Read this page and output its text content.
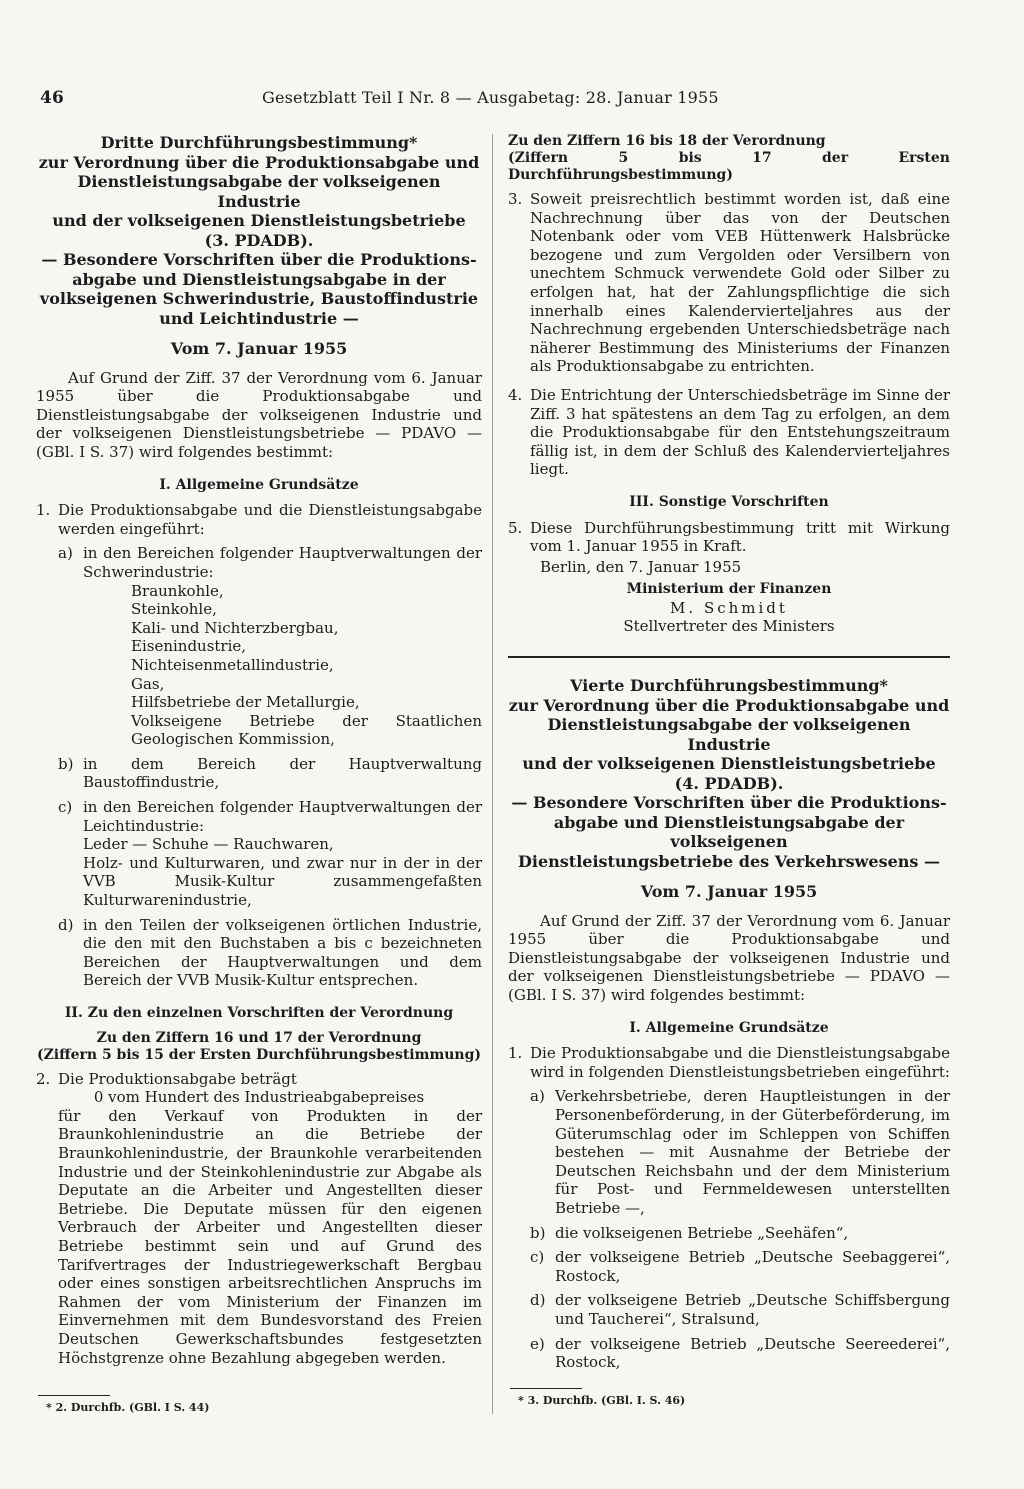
46	Gesetzblatt Teil I Nr. 8 — Ausgabetag: 28. Januar 1955

Dritte Durchführungsbestimmung*

zur Verordnung über die Produktionsabgabe und

Dienstleistungsabgabe der volkseigenen Industrie

und der volkseigenen Dienstleistungsbetriebe

(3. PDADB).

— Besondere Vorschriften über die Produktions-

abgabe und Dienstleistungsabgabe in der

volkseigenen Schwerindustrie, Baustoffindustrie

und Leichtindustrie —

Vom 7. Januar 1955

Auf Grund der Ziff. 37 der Verordnung vom 6. Januar 1955 über die Produktionsabgabe und Dienstleistungsabgabe der volkseigenen Industrie und der volkseigenen Dienstleistungsbetriebe — PDAVO — (GBl. I S. 37) wird folgendes bestimmt:

I. Allgemeine Grundsätze

1. Die Produktionsabgabe und die Dienstleistungsabgabe werden eingeführt:
a) in den Bereichen folgender Hauptverwaltungen der Schwerindustrie:
Braunkohle,
Steinkohle,
Kali- und Nichterzbergbau,
Eisenindustrie,
Nichteisenmetallindustrie,
Gas,
Hilfsbetriebe der Metallurgie,
Volkseigene Betriebe der Staatlichen Geologischen Kommission,
b) in dem Bereich der Hauptverwaltung Baustoffindustrie,
c) in den Bereichen folgender Hauptverwaltungen der Leichtindustrie:
Leder — Schuhe — Rauchwaren,
Holz- und Kulturwaren, und zwar nur in der in der VVB Musik-Kultur zusammengefaßten Kulturwarenindustrie,
d) in den Teilen der volkseigenen örtlichen Industrie, die den mit den Buchstaben a bis c bezeichneten Bereichen der Hauptverwaltungen und dem Bereich der VVB Musik-Kultur entsprechen.

II. Zu den einzelnen Vorschriften der Verordnung

Zu den Ziffern 16 und 17 der Verordnung

(Ziffern 5 bis 15 der Ersten Durchführungsbestimmung)

2. Die Produktionsabgabe beträgt

0 vom Hundert des Industrieabgabepreises

für den Verkauf von Produkten in der Braunkohlenindustrie an die Betriebe der Braunkohlenindustrie, der Braunkohle verarbeitenden Industrie und der Steinkohlenindustrie zur Abgabe als Deputate an die Arbeiter und Angestellten dieser Betriebe. Die Deputate müssen für den eigenen Verbrauch der Arbeiter und Angestellten dieser Betriebe bestimmt sein und auf Grund des Tarifvertrages der Industriegewerkschaft Bergbau oder eines sonstigen arbeitsrechtlichen Anspruchs im Rahmen der vom Ministerium der Finanzen im Einvernehmen mit dem Bundesvorstand des Freien Deutschen Gewerkschaftsbundes festgesetzten Höchstgrenze ohne Bezahlung abgegeben werden.

Zu den Ziffern 16 bis 18 der Verordnung

(Ziffern 5 bis 17 der Ersten Durchführungsbestimmung)

3. Soweit preisrechtlich bestimmt worden ist, daß eine Nachrechnung über das von der Deutschen Notenbank oder vom VEB Hüttenwerk Halsbrücke bezogene und zum Vergolden oder Versilbern von unechtem Schmuck verwendete Gold oder Silber zu erfolgen hat, hat der Zahlungspflichtige die sich innerhalb eines Kalendervierteljahres aus der Nachrechnung ergebenden Unterschiedsbeträge nach näherer Bestimmung des Ministeriums der Finanzen als Produktionsabgabe zu entrichten.
4. Die Entrichtung der Unterschiedsbeträge im Sinne der Ziff. 3 hat spätestens an dem Tag zu erfolgen, an dem die Produktionsabgabe für den Entstehungszeitraum fällig ist, in dem der Schluß des Kalendervierteljahres liegt.

III. Sonstige Vorschriften

5. Diese Durchführungsbestimmung tritt mit Wirkung vom 1. Januar 1955 in Kraft.

Berlin, den 7. Januar 1955

Ministerium der Finanzen

M. Schmidt

Stellvertreter des Ministers

Vierte Durchführungsbestimmung*

zur Verordnung über die Produktionsabgabe und

Dienstleistungsabgabe der volkseigenen Industrie

und der volkseigenen Dienstleistungsbetriebe

(4. PDADB).

— Besondere Vorschriften über die Produktions-

abgabe und Dienstleistungsabgabe der volkseigenen

Dienstleistungsbetriebe des Verkehrswesens —

Vom 7. Januar 1955

Auf Grund der Ziff. 37 der Verordnung vom 6. Januar 1955 über die Produktionsabgabe und Dienstleistungsabgabe der volkseigenen Industrie und der volkseigenen Dienstleistungsbetriebe — PDAVO — (GBl. I S. 37) wird folgendes bestimmt:

I. Allgemeine Grundsätze

1. Die Produktionsabgabe und die Dienstleistungsabgabe wird in folgenden Dienstleistungsbetrieben eingeführt:
a) Verkehrsbetriebe, deren Hauptleistungen in der Personenbeförderung, in der Güterbeförderung, im Güterumschlag oder im Schleppen von Schiffen bestehen — mit Ausnahme der Betriebe der Deutschen Reichsbahn und der dem Ministerium für Post- und Fernmeldewesen unterstellten Betriebe —,
b) die volkseigenen Betriebe „Seehäfen“,
c) der volkseigene Betrieb „Deutsche Seebaggerei“, Rostock,
d) der volkseigene Betrieb „Deutsche Schiffsbergung und Taucherei“, Stralsund,
e) der volkseigene Betrieb „Deutsche Seereederei“, Rostock,
* 2. Durchfb. (GBl. I S. 44)
* 3. Durchfb. (GBl. I. S. 46)
